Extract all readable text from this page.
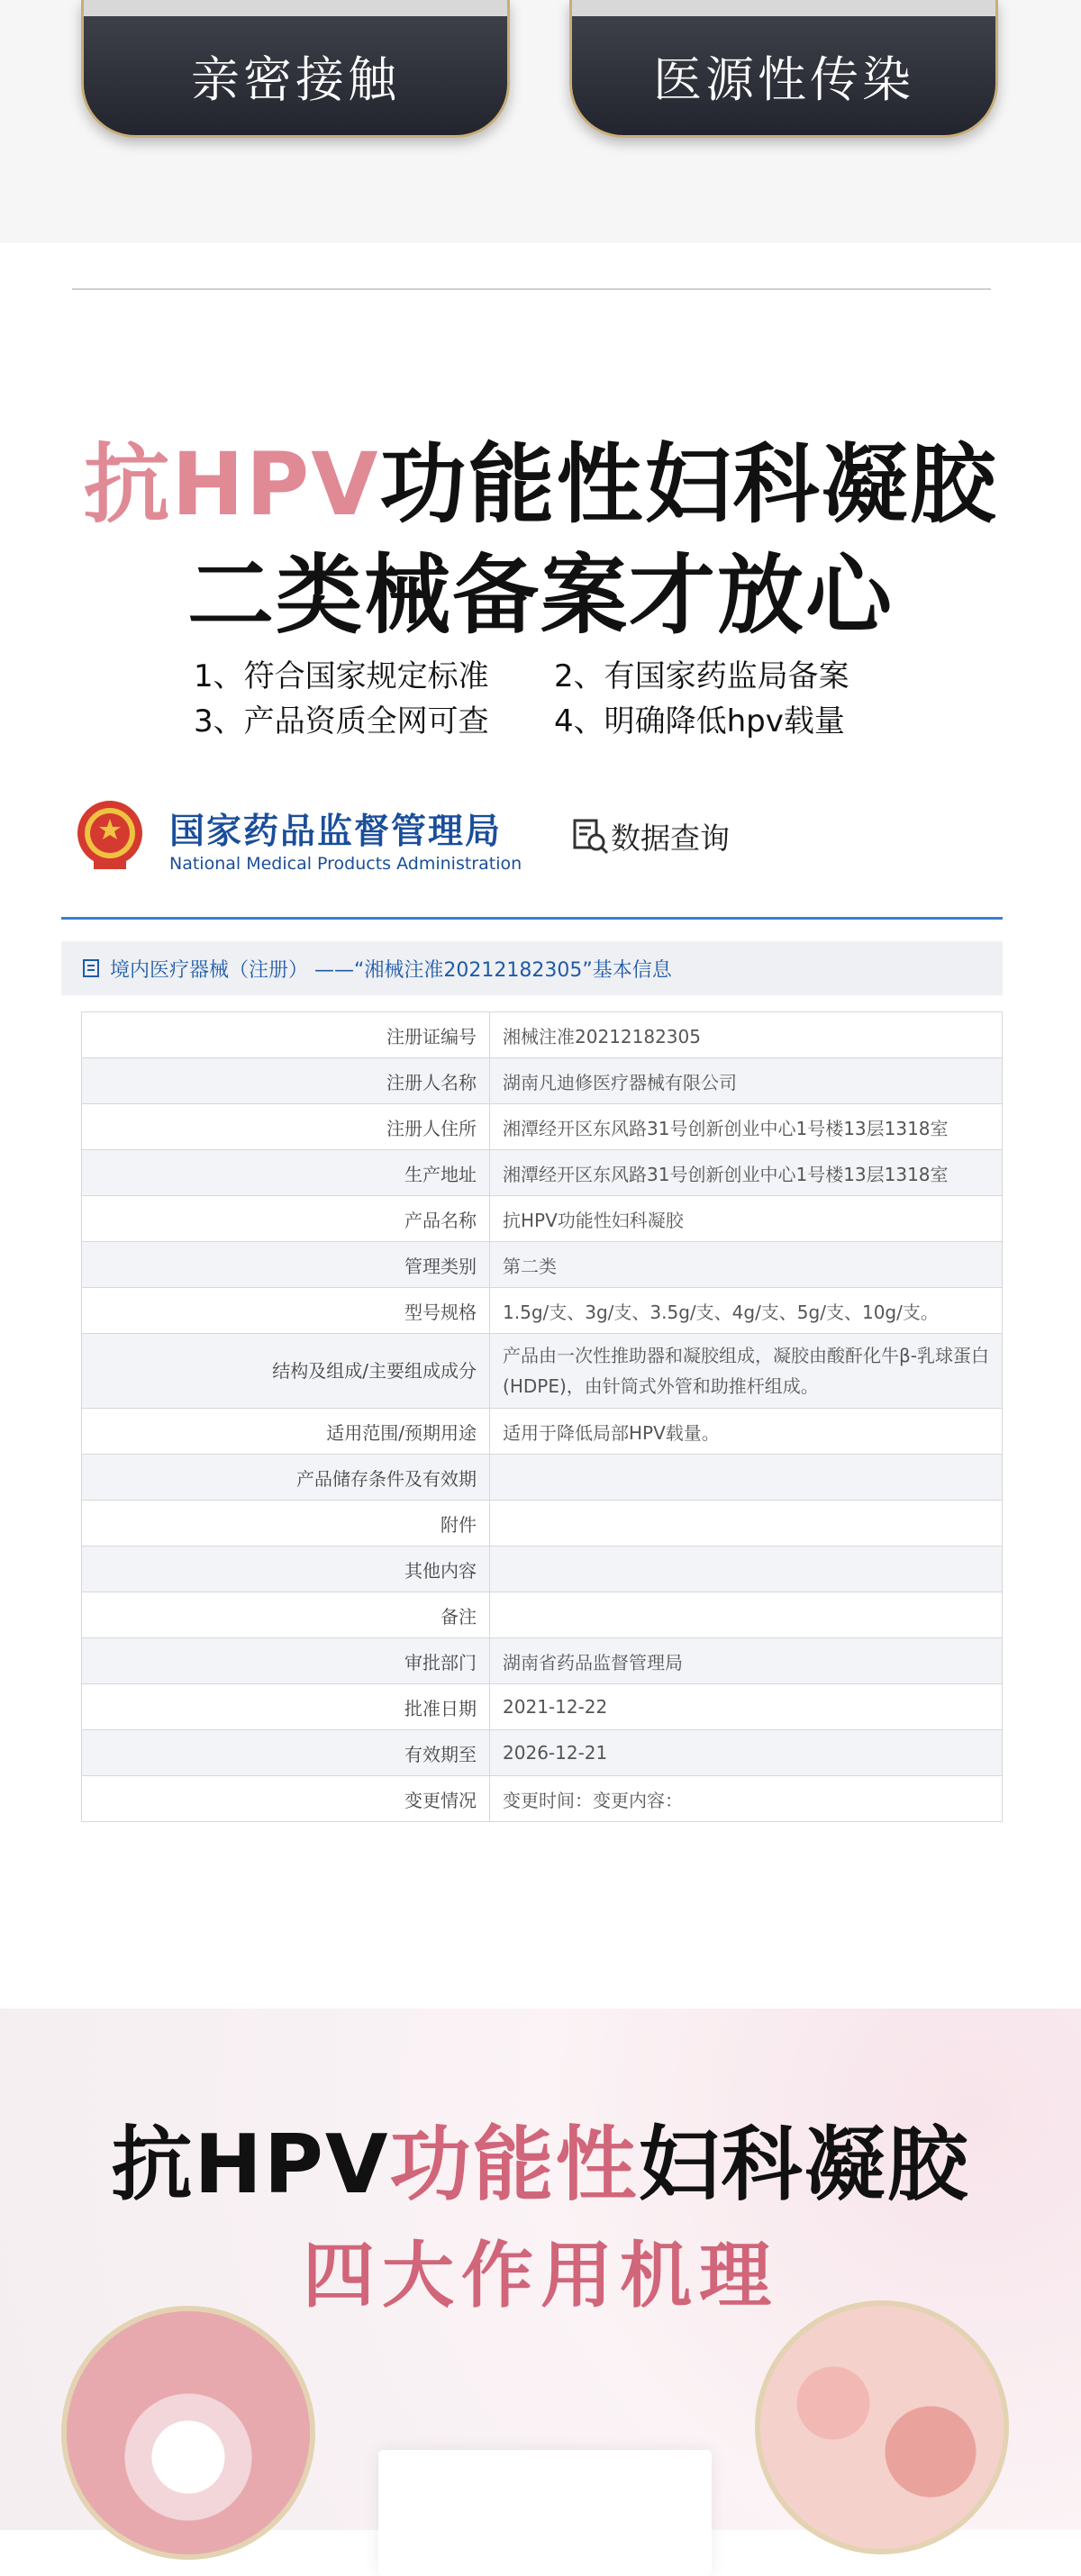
亲密接触	医源性传染
抗HPV功能性妇科凝胶
二类械备案才放心
1、符合国家规定标准	2、有国家药监局备案
3、产品资质全网可查	4、明确降低hpv载量
国家药品监督管理局
National Medical Products Administration
数据查询
境内医疗器械（注册） ——“湘械注准20212182305”基本信息
注册证编号	湘械注准20212182305
注册人名称	湖南凡迪修医疗器械有限公司
注册人住所	湘潭经开区东风路31号创新创业中心1号楼13层1318室
生产地址	湘潭经开区东风路31号创新创业中心1号楼13层1318室
产品名称	抗HPV功能性妇科凝胶
管理类别	第二类
型号规格	1.5g/支、3g/支、3.5g/支、4g/支、5g/支、10g/支。
结构及组成/主要组成成分	产品由一次性推助器和凝胶组成，凝胶由酸酐化牛β-乳球蛋白
(HDPE)，由针筒式外管和助推杆组成。

适用范围/预期用途	适用于降低局部HPV载量。
产品储存条件及有效期	
附件	
其他内容	
备注	
审批部门	湖南省药品监督管理局
批准日期	2021-12-22
有效期至	2026-12-21
变更情况	变更时间：变更内容：
抗HPV功能性妇科凝胶
四大作用机理
